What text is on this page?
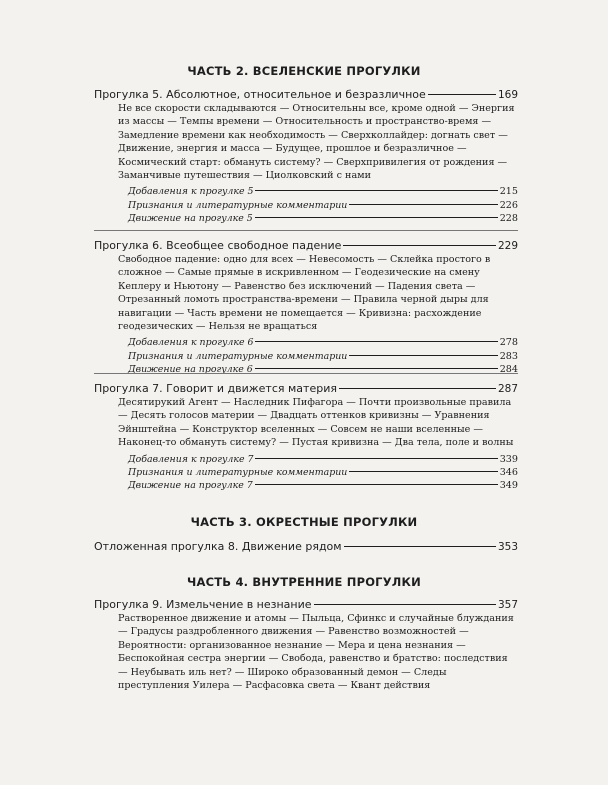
ЧАСТЬ 2. ВСЕЛЕНСКИЕ ПРОГУЛКИ
Прогулка 5. Абсолютное, относительное и безразличное	169
Не все скорости складываются — Относительны все, кроме одной — Энергия из массы — Темпы времени — Относительность и пространство-время — Замедление времени как необходимость — Сверхколлайдер: догнать свет — Движение, энергия и масса — Будущее, прошлое и безразличное — Космический старт: обмануть систему? — Сверхпривилегия от рождения — Заманчивые путешествия — Циолковский с нами
Добавления к прогулке 5	215
Признания и литературные комментарии	226
Движение на прогулке 5	228
Прогулка 6. Всеобщее свободное падение	229
Свободное падение: одно для всех — Невесомость — Склейка простого в сложное — Самые прямые в искривленном — Геодезические на смену Кеплеру и Ньютону — Равенство без исключений — Падения света — Отрезанный ломоть пространства-времени — Правила черной дыры для навигации — Часть времени не помещается — Кривизна: расхождение геодезических — Нельзя не вращаться
Добавления к прогулке 6	278
Признания и литературные комментарии	283
Движение на прогулке 6	284
Прогулка 7. Говорит и движется материя	287
Десятирукий Агент — Наследник Пифагора — Почти произвольные правила — Десять голосов материи — Двадцать оттенков кривизны — Уравнения Эйнштейна — Конструктор вселенных — Совсем не наши вселенные — Наконец-то обмануть систему? — Пустая кривизна — Два тела, поле и волны
Добавления к прогулке 7	339
Признания и литературные комментарии	346
Движение на прогулке 7	349
ЧАСТЬ 3. ОКРЕСТНЫЕ ПРОГУЛКИ
Отложенная прогулка 8. Движение рядом	353
ЧАСТЬ 4. ВНУТРЕННИЕ ПРОГУЛКИ
Прогулка 9. Измельчение в незнание	357
Растворенное движение и атомы — Пыльца, Сфинкс и случайные блуждания — Градусы раздробленного движения — Равенство возможностей — Вероятности: организованное незнание — Мера и цена незнания — Беспокойная сестра энергии — Свобода, равенство и братство: последствия — Неубывать иль нет? — Широко образованный демон — Следы преступления Уилера — Расфасовка света — Квант действия
